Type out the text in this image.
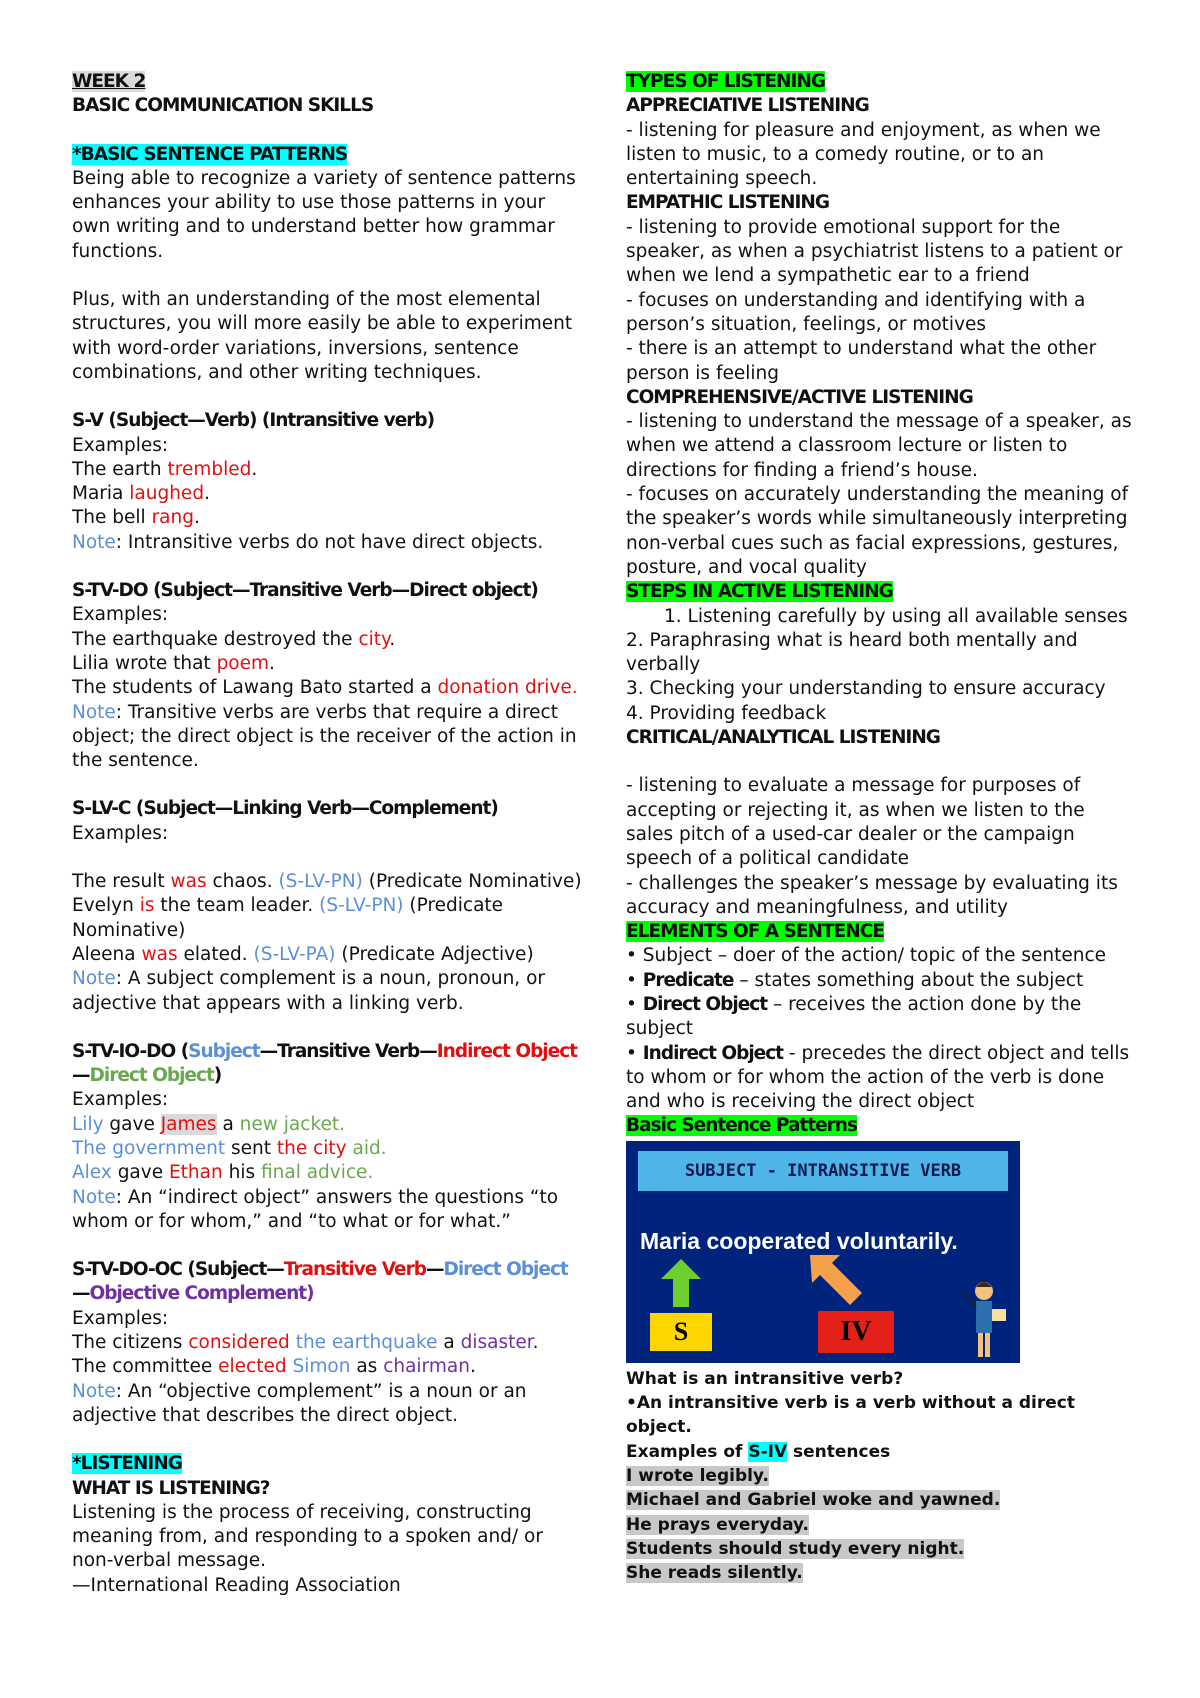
WEEK 2

BASIC COMMUNICATION SKILLS

*BASIC SENTENCE PATTERNS

Being able to recognize a variety of sentence patterns enhances your ability to use those patterns in your own writing and to understand better how grammar functions.

Plus, with an understanding of the most elemental structures, you will more easily be able to experiment with word-order variations, inversions, sentence combinations, and other writing techniques.

S-V (Subject—Verb) (Intransitive verb)

Examples:

The earth trembled.

Maria laughed.

The bell rang.

Note: Intransitive verbs do not have direct objects.

S-TV-DO (Subject—Transitive Verb—Direct object)

Examples:

The earthquake destroyed the city.

Lilia wrote that poem.

The students of Lawang Bato started a donation drive.

Note: Transitive verbs are verbs that require a direct object; the direct object is the receiver of the action in the sentence.

S-LV-C (Subject—Linking Verb—Complement)

Examples:

The result was chaos. (S-LV-PN) (Predicate Nominative)

Evelyn is the team leader. (S-LV-PN) (Predicate Nominative)

Aleena was elated. (S-LV-PA) (Predicate Adjective)

Note: A subject complement is a noun, pronoun, or adjective that appears with a linking verb.

S-TV-IO-DO (Subject—Transitive Verb—Indirect Object—Direct Object)

Examples:

Lily gave James a new jacket.

The government sent the city aid.

Alex gave Ethan his final advice.

Note: An “indirect object” answers the questions “to whom or for whom,” and “to what or for what.”

S-TV-DO-OC (Subject—Transitive Verb—Direct Object—Objective Complement)

Examples:

The citizens considered the earthquake a disaster.

The committee elected Simon as chairman.

Note: An “objective complement” is a noun or an adjective that describes the direct object.

*LISTENING

WHAT IS LISTENING?

Listening is the process of receiving, constructing meaning from, and responding to a spoken and/ or non-verbal message.

—International Reading Association

TYPES OF LISTENING

APPRECIATIVE LISTENING

- listening for pleasure and enjoyment, as when we listen to music, to a comedy routine, or to an entertaining speech.

EMPATHIC LISTENING

- listening to provide emotional support for the speaker, as when a psychiatrist listens to a patient or when we lend a sympathetic ear to a friend

- focuses on understanding and identifying with a person’s situation, feelings, or motives

- there is an attempt to understand what the other person is feeling

COMPREHENSIVE/ACTIVE LISTENING

- listening to understand the message of a speaker, as when we attend a classroom lecture or listen to directions for finding a friend’s house.

- focuses on accurately understanding the meaning of the speaker’s words while simultaneously interpreting non-verbal cues such as facial expressions, gestures, posture, and vocal quality

STEPS IN ACTIVE LISTENING

1. Listening carefully by using all available senses

2. Paraphrasing what is heard both mentally and verbally

3. Checking your understanding to ensure accuracy

4. Providing feedback

CRITICAL/ANALYTICAL LISTENING

- listening to evaluate a message for purposes of accepting or rejecting it, as when we listen to the sales pitch of a used-car dealer or the campaign speech of a political candidate

- challenges the speaker’s message by evaluating its accuracy and meaningfulness, and utility

ELEMENTS OF A SENTENCE

• Subject – doer of the action/ topic of the sentence

• Predicate – states something about the subject

• Direct Object – receives the action done by the subject

• Indirect Object - precedes the direct object and tells to whom or for whom the action of the verb is done and who is receiving the direct object

Basic Sentence Patterns

SUBJECT - INTRANSITIVE VERB
Maria cooperated voluntarily.
S	IV

What is an intransitive verb?

•An intransitive verb is a verb without a direct object.

Examples of S-IV sentences

I wrote legibly.

Michael and Gabriel woke and yawned.

He prays everyday.

Students should study every night.

She reads silently.
